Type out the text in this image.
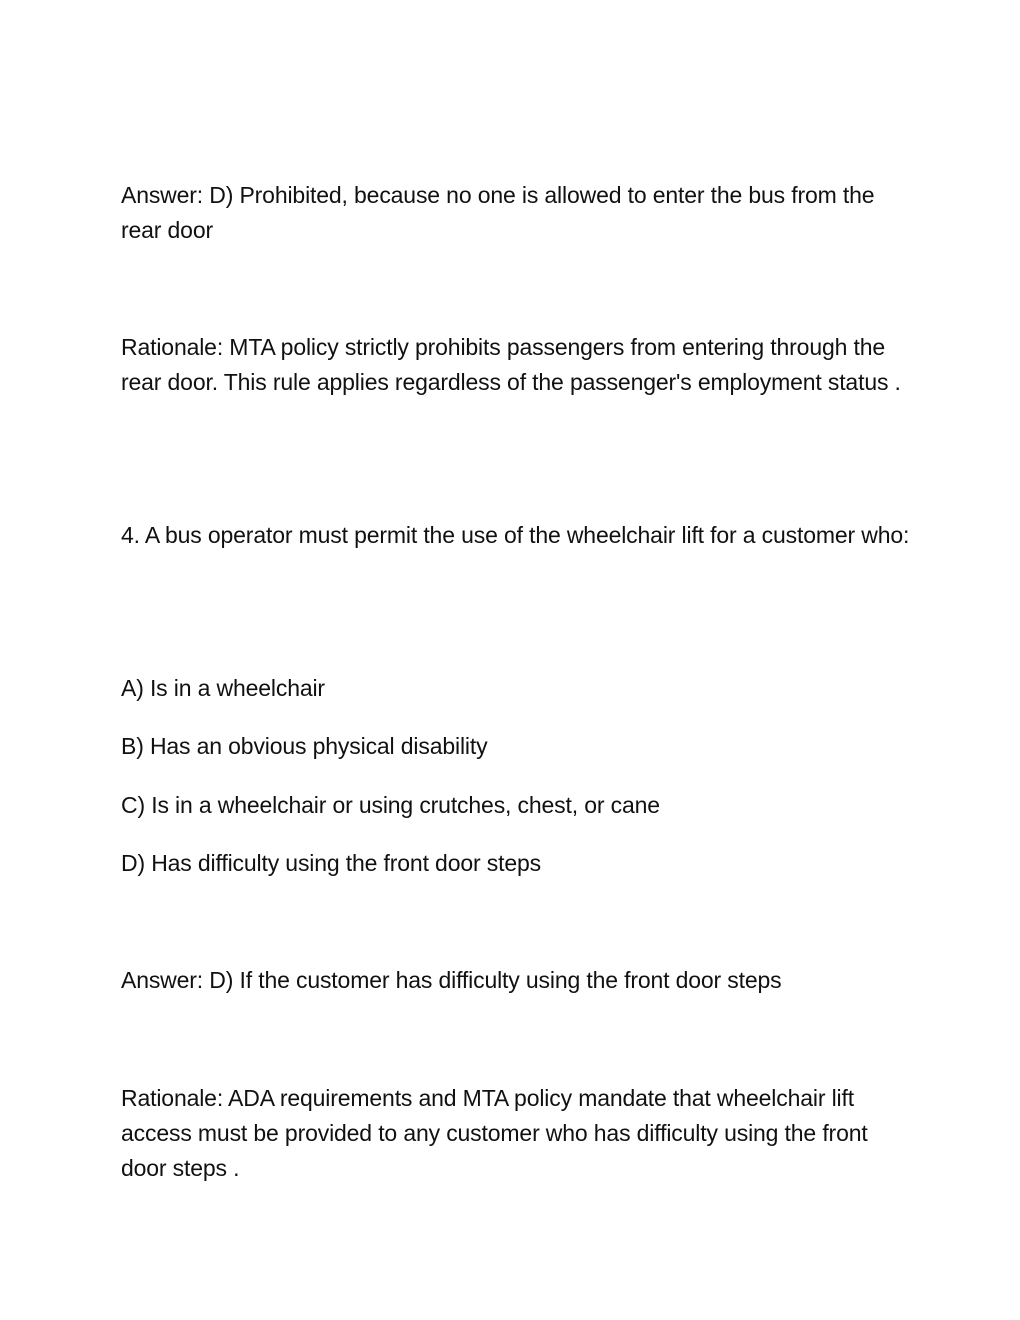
Answer: D) Prohibited, because no one is allowed to enter the bus from the rear door

Rationale: MTA policy strictly prohibits passengers from entering through the rear door. This rule applies regardless of the passenger's employment status .

4. A bus operator must permit the use of the wheelchair lift for a customer who:

A) Is in a wheelchair

B) Has an obvious physical disability

C) Is in a wheelchair or using crutches, chest, or cane

D) Has difficulty using the front door steps

Answer: D) If the customer has difficulty using the front door steps

Rationale: ADA requirements and MTA policy mandate that wheelchair lift access must be provided to any customer who has difficulty using the front door steps .
